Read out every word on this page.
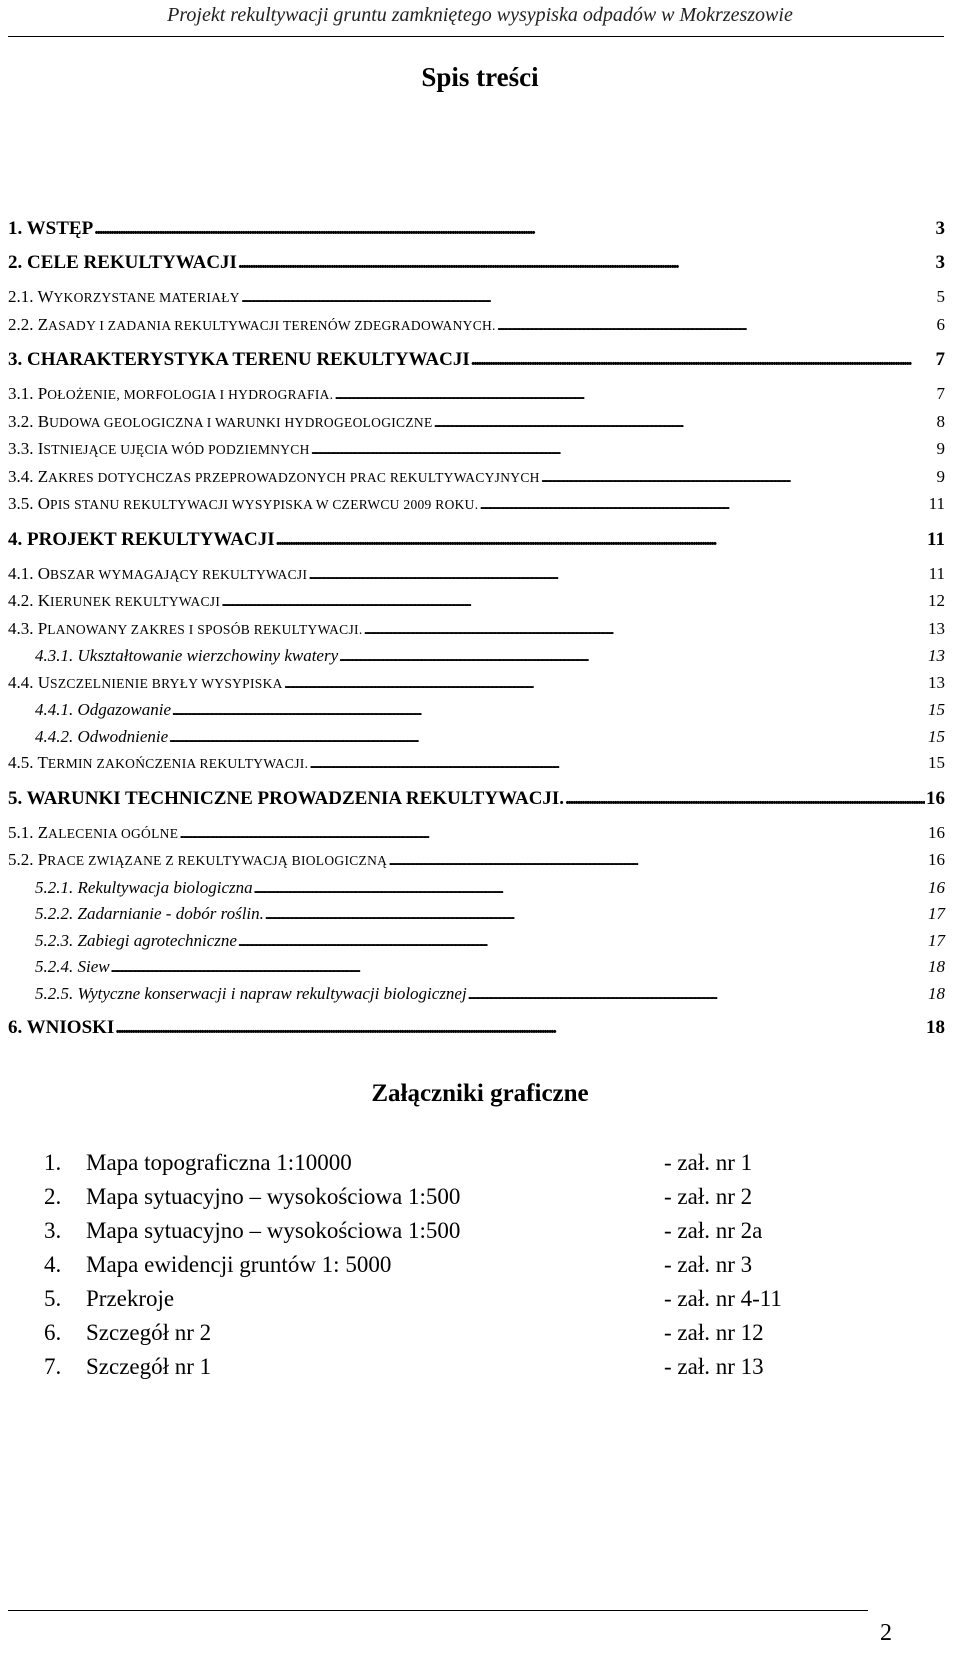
Projekt rekultywacji gruntu zamkniętego wysypiska odpadów w Mokrzeszowie
Spis treści
1. WSTĘP . . .	3
2. CELE REKULTYWACJI . . .	3
2.1. WYKORZYSTANE MATERIAŁY . . .	5
2.2. ZASADY I ZADANIA REKULTYWACJI TERENÓW ZDEGRADOWANYCH. . . .	6
3. CHARAKTERYSTYKA TERENU REKULTYWACJI . . .	7
3.1. POŁOŻENIE, MORFOLOGIA I HYDROGRAFIA. . . .	7
3.2. BUDOWA GEOLOGICZNA I WARUNKI HYDROGEOLOGICZNE . . .	8
3.3. ISTNIEJĄCE UJĘCIA WÓD PODZIEMNYCH . . .	9
3.4. ZAKRES DOTYCHCZAS PRZEPROWADZONYCH PRAC REKULTYWACYJNYCH . . .	9
3.5. OPIS STANU REKULTYWACJI WYSYPISKA W CZERWCU 2009 ROKU. . . .	11
4. PROJEKT REKULTYWACJI . . .	11
4.1. OBSZAR WYMAGAJĄCY REKULTYWACJI . . .	11
4.2. KIERUNEK REKULTYWACJI . . .	12
4.3. PLANOWANY ZAKRES I SPOSÓB REKULTYWACJI. . . .	13
4.3.1. Ukształtowanie wierzchowiny kwatery . . .	13
4.4. USZCZELNIENIE BRYŁY WYSYPISKA . . .	13
4.4.1. Odgazowanie . . .	15
4.4.2. Odwodnienie . . .	15
4.5. TERMIN ZAKOŃCZENIA REKULTYWACJI. . . .	15
5. WARUNKI TECHNICZNE PROWADZENIA REKULTYWACJI. . . .	16
5.1. ZALECENIA OGÓLNE . . .	16
5.2. PRACE ZWIĄZANE Z REKULTYWACJĄ BIOLOGICZNĄ . . .	16
5.2.1. Rekultywacja biologiczna . . .	16
5.2.2. Zadarnianie - dobór roślin. . . .	17
5.2.3. Zabiegi agrotechniczne . . .	17
5.2.4. Siew . . .	18
5.2.5. Wytyczne konserwacji i napraw rekultywacji biologicznej . . .	18
6. WNIOSKI . . .	18
Załączniki graficzne
1.	Mapa topograficzna 1:10000	- zał. nr 1
2.	Mapa sytuacyjno – wysokościowa 1:500	- zał. nr 2
3.	Mapa sytuacyjno – wysokościowa 1:500	- zał. nr 2a
4.	Mapa ewidencji gruntów 1: 5000	- zał. nr 3
5.	Przekroje	- zał. nr 4-11
6.	Szczegół nr 2	- zał. nr 12
7.	Szczegół nr 1	- zał. nr 13
2
